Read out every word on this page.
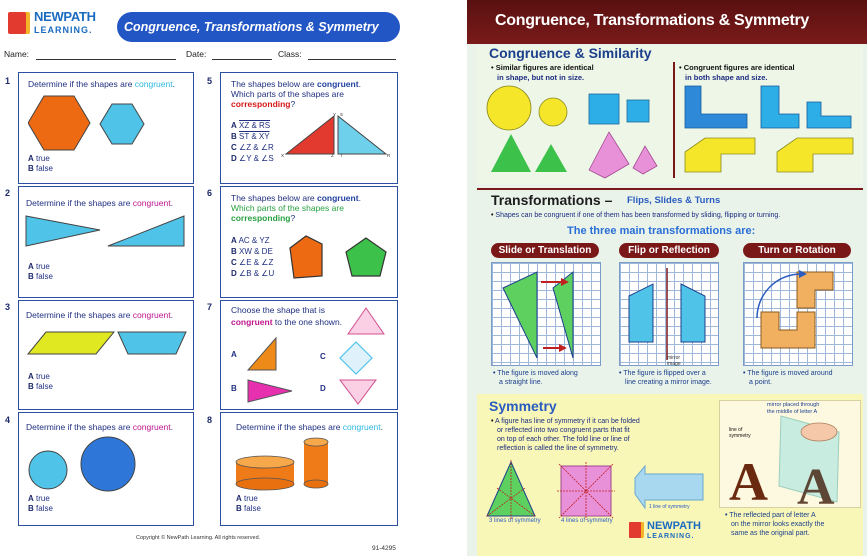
NEWPATH
LEARNING.	Congruence, Transformations & Symmetry
Name:	Date:	Class:
1 Determine if the shapes are congruent.
A true
B false
2
Determine if the shapes are congruent.
A true
B false
3
Determine if the shapes are congruent.
A true
B false
4
Determine if the shapes are congruent.
A true
B false
5 The shapes below are congruent.
Which parts of the shapes are
corresponding?
A XZ & RS
B ST & XY
C ∠Z & ∠R
D ∠Y & ∠S X
Y
Z
S
T	R
6 The shapes below are congruent.
Which parts of the shapes are
corresponding?
A AC & YZ
B XW & DE
C ∠E & ∠Z
D ∠B & ∠U
7 Choose the shape that is
congruent to the one shown.
A
B
C
D
8
Determine if the shapes are congruent.
A true
B false
Copyright © NewPath Learning. All rights reserved.
91-4295
Congruence, Transformations & Symmetry
Congruence & Similarity
• Similar figures are identical
in shape, but not in size.
• Congruent figures are identical
in both shape and size.
Transformations – Flips, Slides & Turns
• Shapes can be congruent if one of them has been transformed by sliding, flipping or turning.
The three main transformations are:
Slide or Translation	Flip or Reflection	Turn or Rotation
• The figure is moved along
a straight line.
mirror image
• The figure is flipped over a
line creating a mirror image.
• The figure is moved around
a point.
Symmetry
• A figure has line of symmetry if it can be folded
or reflected into two congruent parts that fit
on top of each other. The fold line or line of
reflection is called the line of symmetry.
3 lines of symmetry	4 lines of symmetry
1 line of symmetry
mirror placed through
the middle of letter A
line of symmetry
A A
• The reflected part of letter A
on the mirror looks exactly the
same as the original part.
NEWPATH
LEARNING.
